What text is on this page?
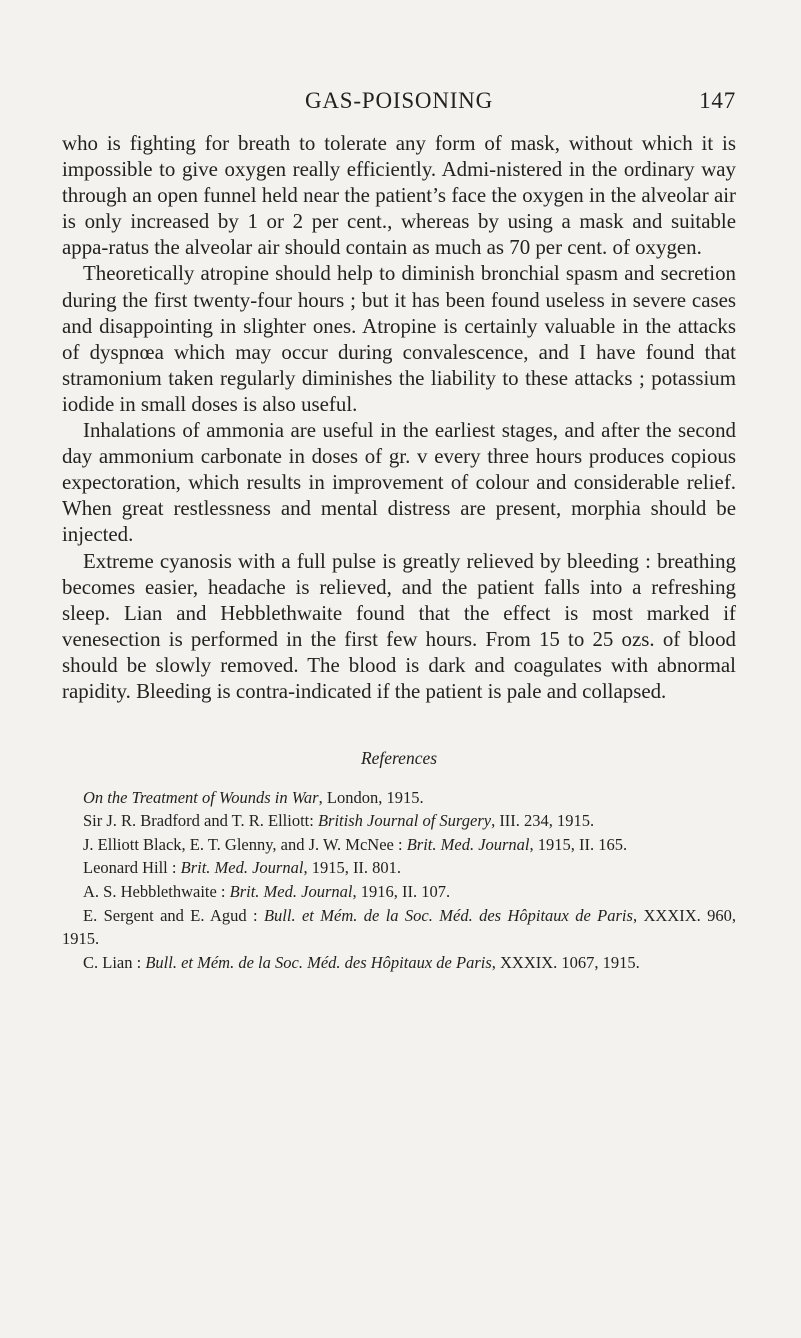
GAS-POISONING	147

who is fighting for breath to tolerate any form of mask, without which it is impossible to give oxygen really efficiently. Admi-nistered in the ordinary way through an open funnel held near the patient’s face the oxygen in the alveolar air is only increased by 1 or 2 per cent., whereas by using a mask and suitable appa-ratus the alveolar air should contain as much as 70 per cent. of oxygen.

Theoretically atropine should help to diminish bronchial spasm and secretion during the first twenty-four hours ; but it has been found useless in severe cases and disappointing in slighter ones. Atropine is certainly valuable in the attacks of dyspnœa which may occur during convalescence, and I have found that stramonium taken regularly diminishes the liability to these attacks ; potassium iodide in small doses is also useful.

Inhalations of ammonia are useful in the earliest stages, and after the second day ammonium carbonate in doses of gr. v every three hours produces copious expectoration, which results in improvement of colour and considerable relief. When great restlessness and mental distress are present, morphia should be injected.

Extreme cyanosis with a full pulse is greatly relieved by bleeding : breathing becomes easier, headache is relieved, and the patient falls into a refreshing sleep. Lian and Hebblethwaite found that the effect is most marked if venesection is performed in the first few hours. From 15 to 25 ozs. of blood should be slowly removed. The blood is dark and coagulates with abnormal rapidity. Bleeding is contra-indicated if the patient is pale and collapsed.

References

On the Treatment of Wounds in War, London, 1915.

Sir J. R. Bradford and T. R. Elliott: British Journal of Surgery, III. 234, 1915.

J. Elliott Black, E. T. Glenny, and J. W. McNee : Brit. Med. Journal, 1915, II. 165.

Leonard Hill : Brit. Med. Journal, 1915, II. 801.

A. S. Hebblethwaite : Brit. Med. Journal, 1916, II. 107.

E. Sergent and E. Agud : Bull. et Mém. de la Soc. Méd. des Hôpitaux de Paris, XXXIX. 960, 1915.

C. Lian : Bull. et Mém. de la Soc. Méd. des Hôpitaux de Paris, XXXIX. 1067, 1915.
